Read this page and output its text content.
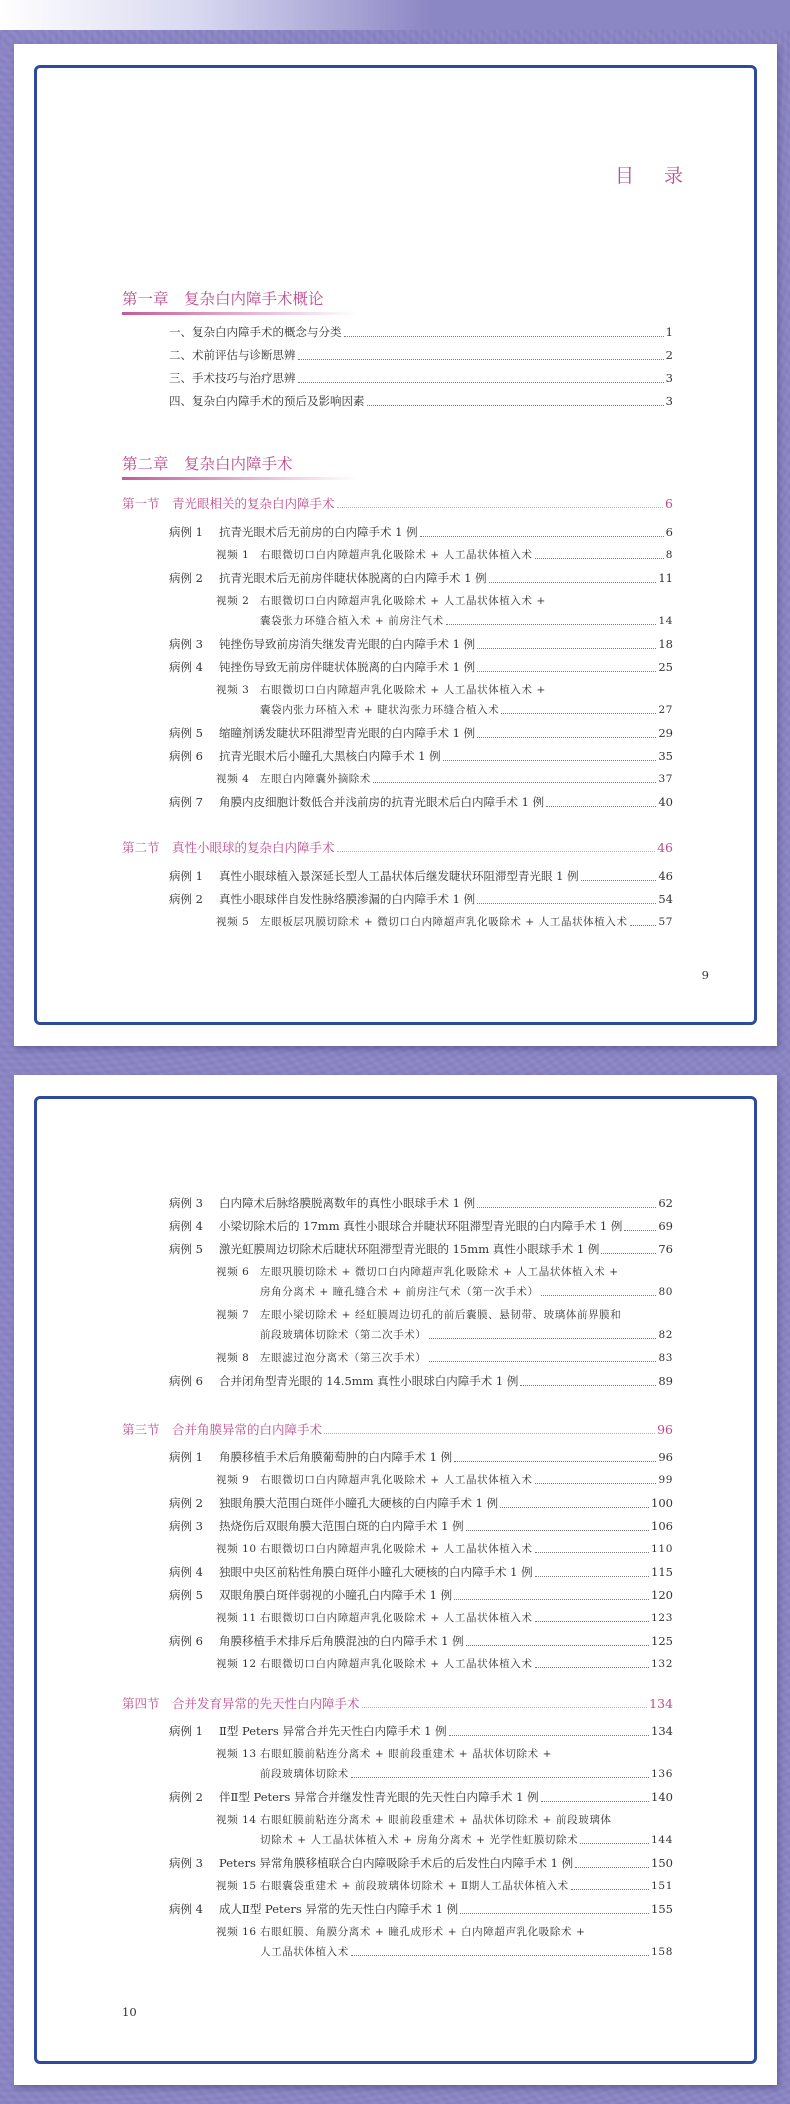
目 录
第一章　复杂白内障手术概论
一、复杂白内障手术的概念与分类	1
二、术前评估与诊断思辨	2
三、手术技巧与治疗思辨	3
四、复杂白内障手术的预后及影响因素	3
第二章　复杂白内障手术
第一节 青光眼相关的复杂白内障手术	6
病例 1 抗青光眼术后无前房的白内障手术 1 例	6
视频 1 右眼微切口白内障超声乳化吸除术 + 人工晶状体植入术	8
病例 2 抗青光眼术后无前房伴睫状体脱离的白内障手术 1 例	11
视频 2 右眼微切口白内障超声乳化吸除术 + 人工晶状体植入术 +
囊袋张力环缝合植入术 + 前房注气术	14
病例 3 钝挫伤导致前房消失继发青光眼的白内障手术 1 例	18
病例 4 钝挫伤导致无前房伴睫状体脱离的白内障手术 1 例	25
视频 3 右眼微切口白内障超声乳化吸除术 + 人工晶状体植入术 +
囊袋内张力环植入术 + 睫状沟张力环缝合植入术	27
病例 5 缩瞳剂诱发睫状环阻滞型青光眼的白内障手术 1 例	29
病例 6 抗青光眼术后小瞳孔大黑核白内障手术 1 例	35
视频 4 左眼白内障囊外摘除术	37
病例 7 角膜内皮细胞计数低合并浅前房的抗青光眼术后白内障手术 1 例	40
第二节 真性小眼球的复杂白内障手术	46
病例 1 真性小眼球植入景深延长型人工晶状体后继发睫状环阻滞型青光眼 1 例	46
病例 2 真性小眼球伴自发性脉络膜渗漏的白内障手术 1 例	54
视频 5 左眼板层巩膜切除术 + 微切口白内障超声乳化吸除术 + 人工晶状体植入术	57
9
病例 3 白内障术后脉络膜脱离数年的真性小眼球手术 1 例	62
病例 4 小梁切除术后的 17mm 真性小眼球合并睫状环阻滞型青光眼的白内障手术 1 例	69
病例 5 激光虹膜周边切除术后睫状环阻滞型青光眼的 15mm 真性小眼球手术 1 例	76
视频 6 左眼巩膜切除术 + 微切口白内障超声乳化吸除术 + 人工晶状体植入术 +
房角分离术 + 瞳孔缝合术 + 前房注气术（第一次手术）	80
视频 7 左眼小梁切除术 + 经虹膜周边切孔的前后囊膜、悬韧带、玻璃体前界膜和
前段玻璃体切除术（第二次手术）	82
视频 8 左眼滤过泡分离术（第三次手术）	83
病例 6 合并闭角型青光眼的 14.5mm 真性小眼球白内障手术 1 例	89
第三节 合并角膜异常的白内障手术	96
病例 1 角膜移植手术后角膜葡萄肿的白内障手术 1 例	96
视频 9 右眼微切口白内障超声乳化吸除术 + 人工晶状体植入术	99
病例 2 独眼角膜大范围白斑伴小瞳孔大硬核的白内障手术 1 例	100
病例 3 热烧伤后双眼角膜大范围白斑的白内障手术 1 例	106
视频 10 右眼微切口白内障超声乳化吸除术 + 人工晶状体植入术	110
病例 4 独眼中央区前粘性角膜白斑伴小瞳孔大硬核的白内障手术 1 例	115
病例 5 双眼角膜白斑伴弱视的小瞳孔白内障手术 1 例	120
视频 11 右眼微切口白内障超声乳化吸除术 + 人工晶状体植入术	123
病例 6 角膜移植手术排斥后角膜混浊的白内障手术 1 例	125
视频 12 右眼微切口白内障超声乳化吸除术 + 人工晶状体植入术	132
第四节 合并发育异常的先天性白内障手术	134
病例 1 Ⅱ型 Peters 异常合并先天性白内障手术 1 例	134
视频 13 右眼虹膜前粘连分离术 + 眼前段重建术 + 晶状体切除术 +
前段玻璃体切除术	136
病例 2 伴Ⅱ型 Peters 异常合并继发性青光眼的先天性白内障手术 1 例	140
视频 14 右眼虹膜前粘连分离术 + 眼前段重建术 + 晶状体切除术 + 前段玻璃体
切除术 + 人工晶状体植入术 + 房角分离术 + 光学性虹膜切除术	144
病例 3 Peters 异常角膜移植联合白内障吸除手术后的后发性白内障手术 1 例	150
视频 15 右眼囊袋重建术 + 前段玻璃体切除术 + Ⅱ期人工晶状体植入术	151
病例 4 成人Ⅱ型 Peters 异常的先天性白内障手术 1 例	155
视频 16 右眼虹膜、角膜分离术 + 瞳孔成形术 + 白内障超声乳化吸除术 +
人工晶状体植入术	158
10
